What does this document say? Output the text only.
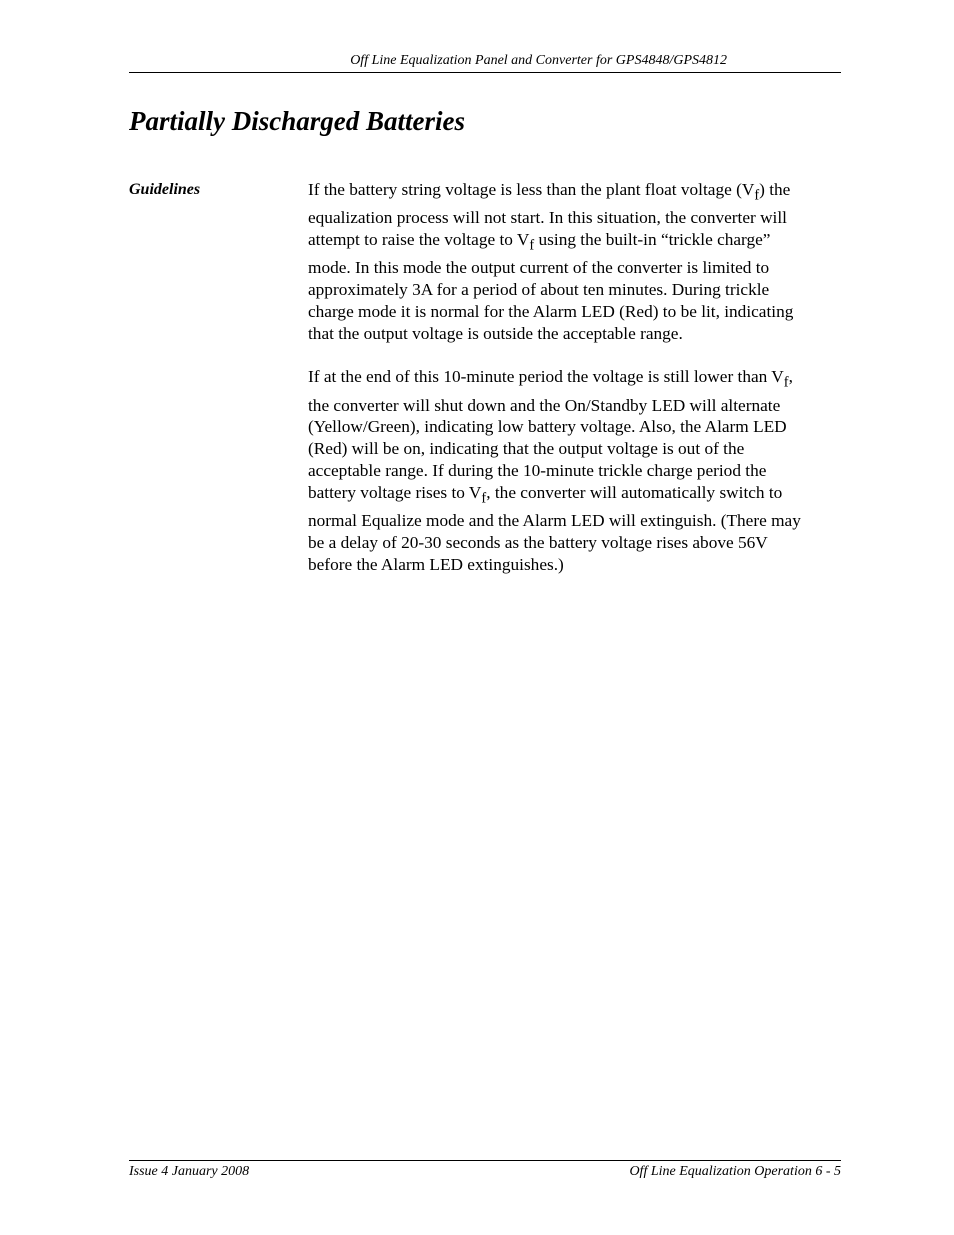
Off Line Equalization Panel and Converter for GPS4848/GPS4812
Partially Discharged Batteries
Guidelines	If the battery string voltage is less than the plant float voltage $(V_f)$ the
equalization process will not start. In this situation, the converter will
attempt to raise the voltage to $V_f$ using the built-in “trickle charge”
mode. In this mode the output current of the converter is limited to
approximately 3A for a period of about ten minutes. During trickle
charge mode it is normal for the Alarm LED (Red) to be lit, indicating
that the output voltage is outside the acceptable range.
If at the end of this 10-minute period the voltage is still lower than $V_f$,
the converter will shut down and the On/Standby LED will alternate
(Yellow/Green), indicating low battery voltage. Also, the Alarm LED
(Red) will be on, indicating that the output voltage is out of the
acceptable range. If during the 10-minute trickle charge period the
battery voltage rises to $V_f$, the converter will automatically switch to
normal Equalize mode and the Alarm LED will extinguish. (There may
be a delay of 20-30 seconds as the battery voltage rises above 56V
before the Alarm LED extinguishes.)
Issue 4 January 2008	Off Line Equalization Operation 6 - 5
